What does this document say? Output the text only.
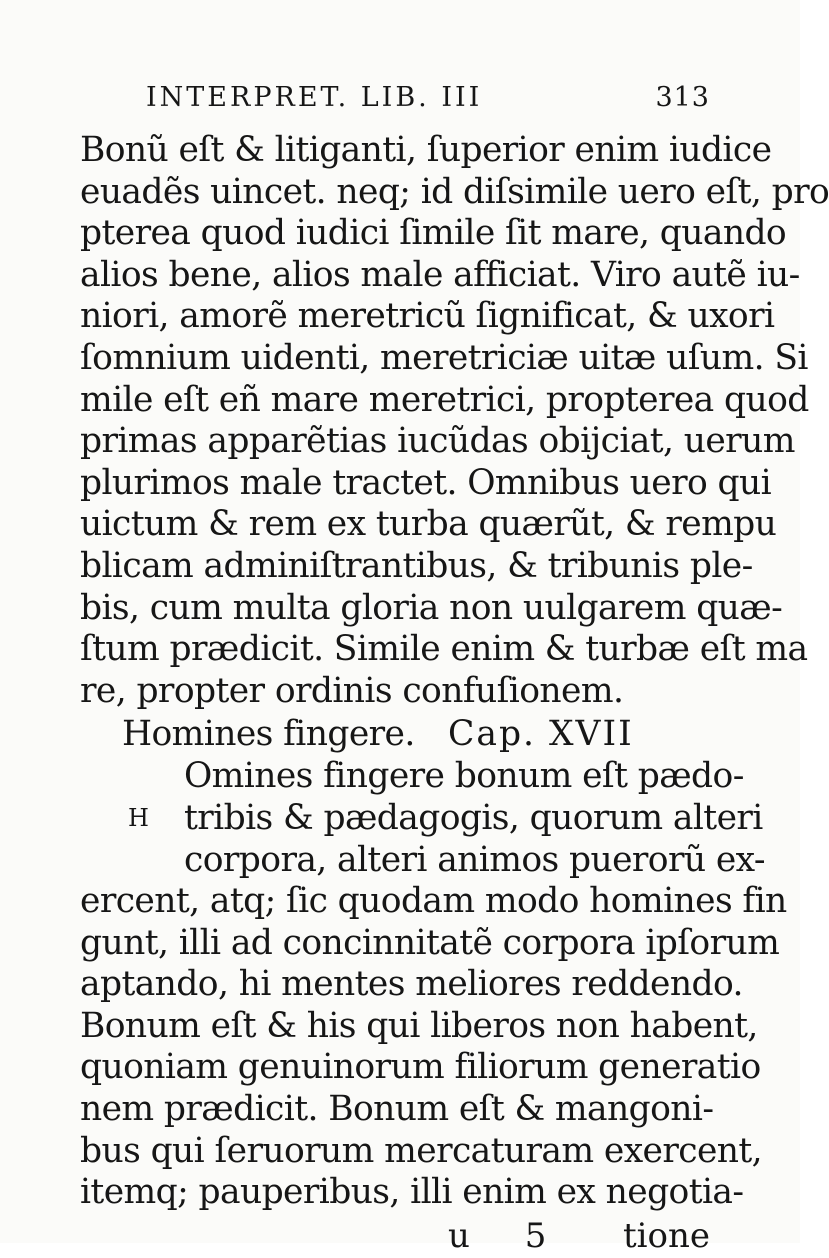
INTERPRET. LIB. III	313
Bonũ eſt & litiganti, ſuperior enim iudice
euadẽs uincet. neq; id diſsimile uero eſt, pro
pterea quod iudici ſimile ſit mare, quando
alios bene, alios male afficiat. Viro autẽ iu-
niori, amorẽ meretricũ ſignificat, & uxori
ſomnium uidenti, meretriciæ uitæ uſum. Si
mile eſt eñ mare meretrici, propterea quod
primas apparẽtias iucũdas obijciat, uerum
plurimos male tractet. Omnibus uero qui
uictum & rem ex turba quærũt, & rempu
blicam adminiſtrantibus, & tribunis ple-
bis, cum multa gloria non uulgarem quæ-
ſtum prædicit. Simile enim & turbæ eſt ma
re, propter ordinis confuſionem.
Homines fingere. Cap. XVII
Omines fingere bonum eſt pædo-
H	tribis & pædagogis, quorum alteri
corpora, alteri animos puerorũ ex-
ercent, atq; ſic quodam modo homines fin
gunt, illi ad concinnitatẽ corpora ipſorum
aptando, hi mentes meliores reddendo.
Bonum eſt & his qui liberos non habent,
quoniam genuinorum filiorum generatio
nem prædicit. Bonum eſt & mangoni-
bus qui ſeruorum mercaturam exercent,
itemq; pauperibus, illi enim ex negotia-
u 5 tione
